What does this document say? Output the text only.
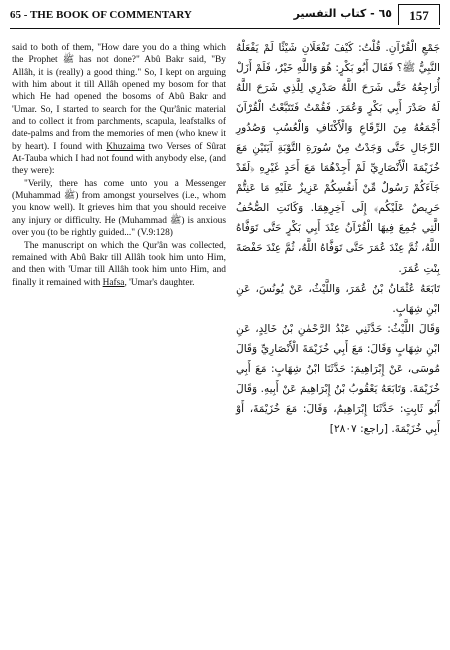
65 - THE BOOK OF COMMENTARY	٦٥ - كتاب التفسير	157

said to both of them, "How dare you do a thing which the Prophet ﷺ has not done?" Abû Bakr said, "By Allâh, it is (really) a good thing." So, I kept on arguing with him about it till Allâh opened my bosom for that which He had opened the bosoms of Abû Bakr and 'Umar. So, I started to search for the Qur'ânic material and to collect it from parchments, scapula, leafstalks of date-palms and from the memories of men (who knew it by heart). I found with Khuzaima two Verses of Sûrat At-Tauba which I had not found with anybody else, (and they were):

"Verily, there has come unto you a Messenger (Muhammad ﷺ) from amongst yourselves (i.e., whom you know well). It grieves him that you should receive any injury or difficulty. He (Muhammad ﷺ) is anxious over you (to be rightly guided..." (V.9:128)

The manuscript on which the Qur'ân was collected, remained with Abû Bakr till Allâh took him unto Him, and then with 'Umar till Allâh took him unto Him, and finally it remained with Hafsa, 'Umar's daughter.

جَمْعِ الْقُرْآنِ. قُلْتُ: كَيْفَ تَفْعَلَانِ شَيْئًا لَمْ يَفْعَلْهُ النَّبِيُّ ﷺ؟ فَقَالَ أَبُو بَكْرٍ: هُوَ وَاللَّهِ خَيْرٌ، فَلَمْ أَزَلْ أُرَاجِعُهُ حَتَّى شَرَحَ اللَّهُ صَدْرِي لِلَّذِي شَرَحَ اللَّهُ لَهُ صَدْرَ أَبِي بَكْرٍ وَعُمَرَ. فَقُمْتُ فَتَتَبَّعْتُ الْقُرْآنَ أَجْمَعُهُ مِنَ الرِّقَاعِ وَالْأَكْتَافِ وَالْعُسُبِ وَصُدُورِ الرِّجَالِ حَتَّى وَجَدْتُ مِنْ سُورَةِ التَّوْبَةِ آيَتَيْنِ مَعَ خُزَيْمَةَ الْأَنْصَارِيِّ لَمْ أَجِدْهُمَا مَعَ أَحَدٍ غَيْرِهِ ﴿لَقَدْ جَآءَكُمْ رَسُولٌ مِّنْ أَنفُسِكُمْ عَزِيزٌ عَلَيْهِ مَا عَنِتُّمْ حَرِيصٌ عَلَيْكُم﴾ إِلَى آخِرِهِمَا. وَكَانَتِ الصُّحُفُ الَّتِي جُمِعَ فِيهَا الْقُرْآنُ عِنْدَ أَبِي بَكْرٍ حَتَّى تَوَفَّاهُ اللَّهُ، ثُمَّ عِنْدَ عُمَرَ حَتَّى تَوَفَّاهُ اللَّهُ، ثُمَّ عِنْدَ حَفْصَةَ بِنْتِ عُمَرَ.

تَابَعَهُ عُثْمَانُ بْنُ عُمَرَ، وَاللَّيْثُ، عَنْ يُونُسَ، عَنِ ابْنِ شِهَابٍ.

وَقَالَ اللَّيْثُ: حَدَّثَنِي عَبْدُ الرَّحْمٰنِ بْنُ خَالِدٍ، عَنِ ابْنِ شِهَابٍ وَقَالَ: مَعَ أَبِي خُزَيْمَةَ الْأَنْصَارِيِّ وَقَالَ مُوسَى، عَنْ إِبْرَاهِيمَ: حَدَّثَنَا ابْنُ شِهَابٍ: مَعَ أَبِي خُزَيْمَةَ. وَتَابَعَهُ يَعْقُوبُ بْنُ إِبْرَاهِيمَ عَنْ أَبِيهِ. وَقَالَ أَبُو ثَابِتٍ: حَدَّثَنَا إِبْرَاهِيمُ، وَقَالَ: مَعَ خُزَيْمَةَ، أَوْ أَبِي خُزَيْمَةَ. [راجع: ٢٨٠٧]
